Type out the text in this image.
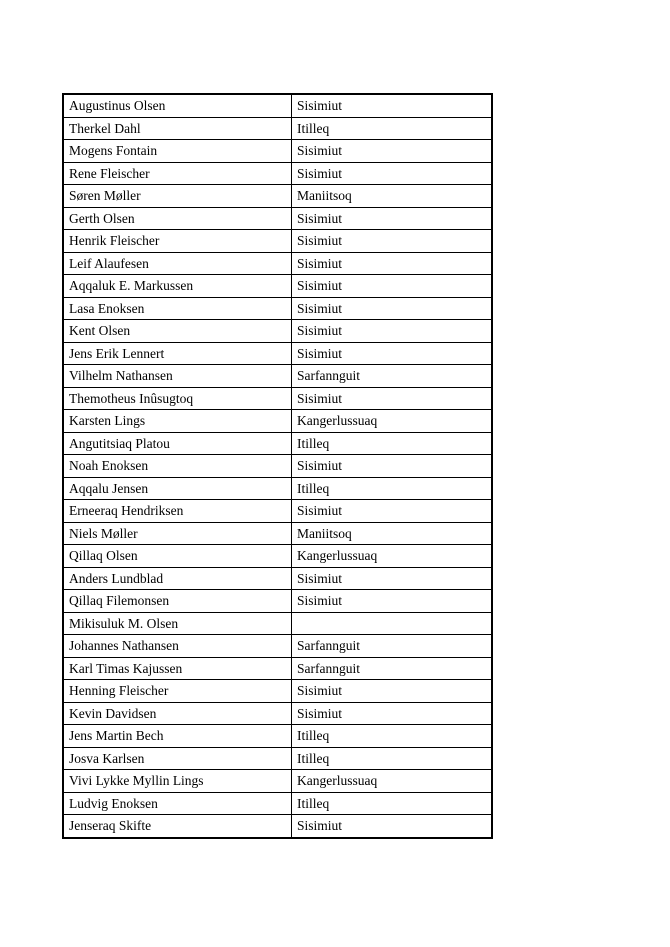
Augustinus Olsen	Sisimiut
Therkel Dahl	Itilleq
Mogens Fontain	Sisimiut
Rene Fleischer	Sisimiut
Søren Møller	Maniitsoq
Gerth Olsen	Sisimiut
Henrik Fleischer	Sisimiut
Leif Alaufesen	Sisimiut
Aqqaluk E. Markussen	Sisimiut
Lasa Enoksen	Sisimiut
Kent Olsen	Sisimiut
Jens Erik Lennert	Sisimiut
Vilhelm Nathansen	Sarfannguit
Themotheus Inûsugtoq	Sisimiut
Karsten Lings	Kangerlussuaq
Angutitsiaq Platou	Itilleq
Noah Enoksen	Sisimiut
Aqqalu Jensen	Itilleq
Erneeraq Hendriksen	Sisimiut
Niels Møller	Maniitsoq
Qillaq Olsen	Kangerlussuaq
Anders Lundblad	Sisimiut
Qillaq Filemonsen	Sisimiut
Mikisuluk M. Olsen	
Johannes Nathansen	Sarfannguit
Karl Timas Kajussen	Sarfannguit
Henning Fleischer	Sisimiut
Kevin Davidsen	Sisimiut
Jens Martin Bech	Itilleq
Josva Karlsen	Itilleq
Vivi Lykke Myllin Lings	Kangerlussuaq
Ludvig Enoksen	Itilleq
Jenseraq Skifte	Sisimiut
